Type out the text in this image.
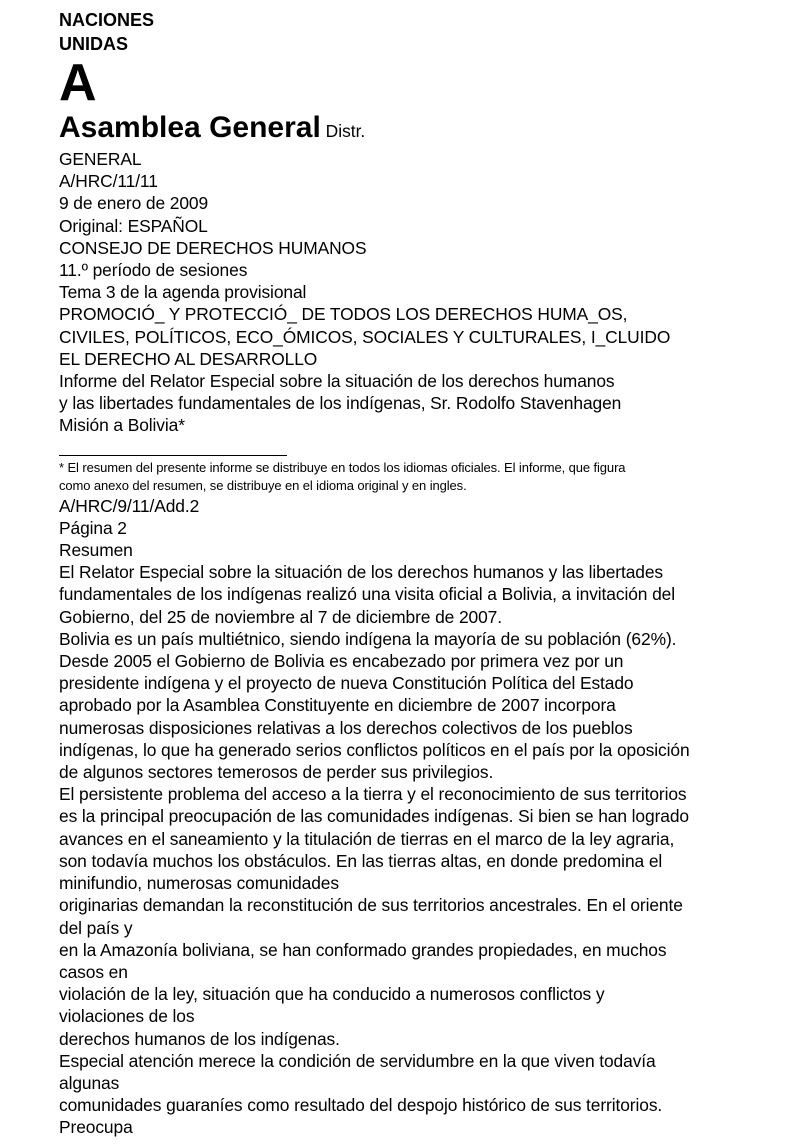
NACIONES
UNIDAS
A
Asamblea General Distr.
GENERAL
A/HRC/11/11
9 de enero de 2009
Original: ESPAÑOL
CONSEJO DE DERECHOS HUMANOS
11.º período de sesiones
Tema 3 de la agenda provisional
PROMOCIÓ_ Y PROTECCIÓ_ DE TODOS LOS DERECHOS HUMA_OS,
CIVILES, POLÍTICOS, ECO_ÓMICOS, SOCIALES Y CULTURALES, I_CLUIDO
EL DERECHO AL DESARROLLO
Informe del Relator Especial sobre la situación de los derechos humanos
y las libertades fundamentales de los indígenas, Sr. Rodolfo Stavenhagen
Misión a Bolivia*
* El resumen del presente informe se distribuye en todos los idiomas oficiales. El informe, que figura
como anexo del resumen, se distribuye en el idioma original y en ingles.
A/HRC/9/11/Add.2
Página 2
Resumen
El Relator Especial sobre la situación de los derechos humanos y las libertades
fundamentales de los indígenas realizó una visita oficial a Bolivia, a invitación del
Gobierno, del 25 de noviembre al 7 de diciembre de 2007.
Bolivia es un país multiétnico, siendo indígena la mayoría de su población (62%).
Desde 2005 el Gobierno de Bolivia es encabezado por primera vez por un
presidente indígena y el proyecto de nueva Constitución Política del Estado
aprobado por la Asamblea Constituyente en diciembre de 2007 incorpora
numerosas disposiciones relativas a los derechos colectivos de los pueblos
indígenas, lo que ha generado serios conflictos políticos en el país por la oposición
de algunos sectores temerosos de perder sus privilegios.
El persistente problema del acceso a la tierra y el reconocimiento de sus territorios
es la principal preocupación de las comunidades indígenas. Si bien se han logrado
avances en el saneamiento y la titulación de tierras en el marco de la ley agraria,
son todavía muchos los obstáculos. En las tierras altas, en donde predomina el
minifundio, numerosas comunidades
originarias demandan la reconstitución de sus territorios ancestrales. En el oriente
del país y
en la Amazonía boliviana, se han conformado grandes propiedades, en muchos
casos en
violación de la ley, situación que ha conducido a numerosos conflictos y
violaciones de los
derechos humanos de los indígenas.
Especial atención merece la condición de servidumbre en la que viven todavía
algunas
comunidades guaraníes como resultado del despojo histórico de sus territorios.
Preocupa
